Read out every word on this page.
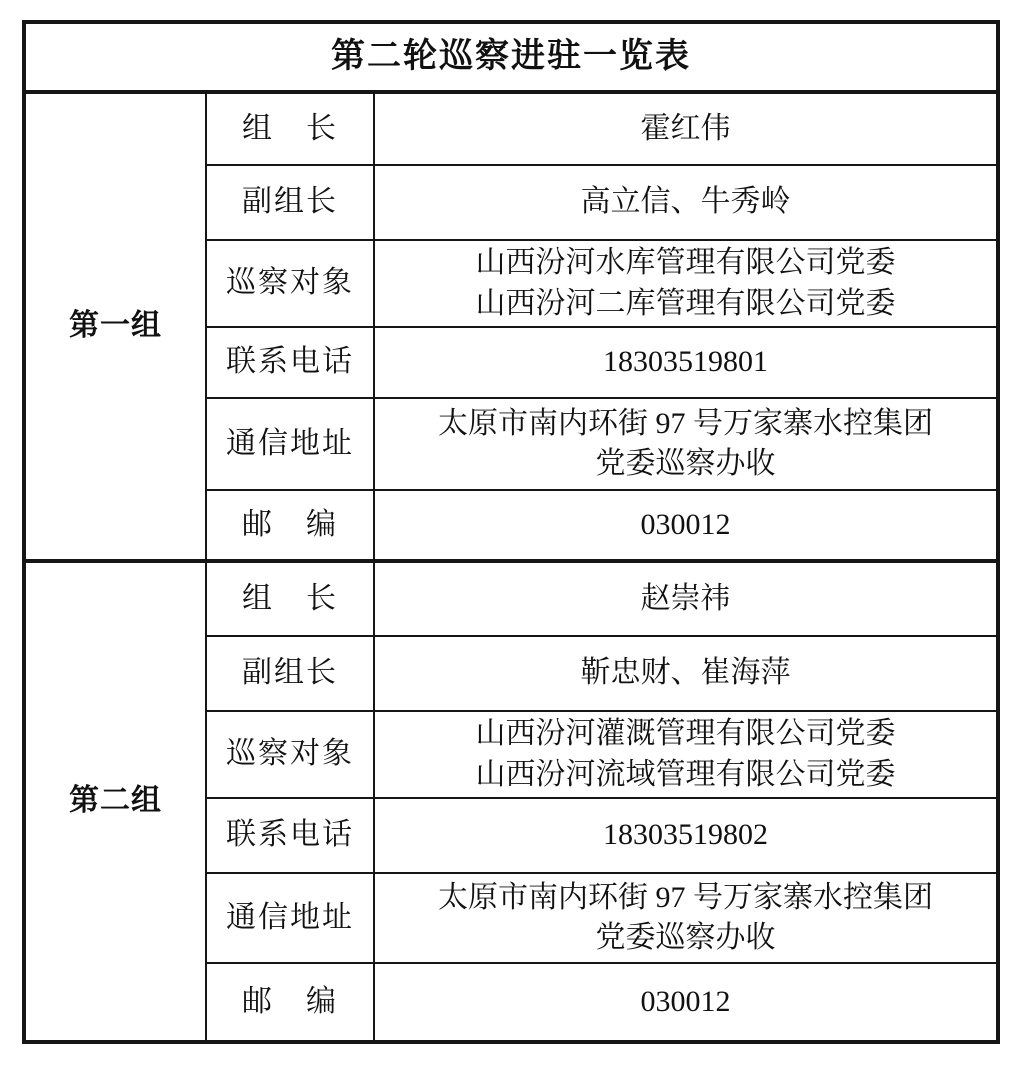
第二轮巡察进驻一览表		
第一组	组　长	霍红伟
	副组长	高立信、牛秀岭
	巡察对象	山西汾河水库管理有限公司党委
山西汾河二库管理有限公司党委

	联系电话	18303519801
	通信地址	太原市南内环街 97 号万家寨水控集团
党委巡察办收

	邮　编	030012
第二组	组　长	赵崇祎
	副组长	靳忠财、崔海萍
	巡察对象	山西汾河灌溉管理有限公司党委
山西汾河流域管理有限公司党委

	联系电话	18303519802
	通信地址	太原市南内环街 97 号万家寨水控集团
党委巡察办收

	邮　编	030012
